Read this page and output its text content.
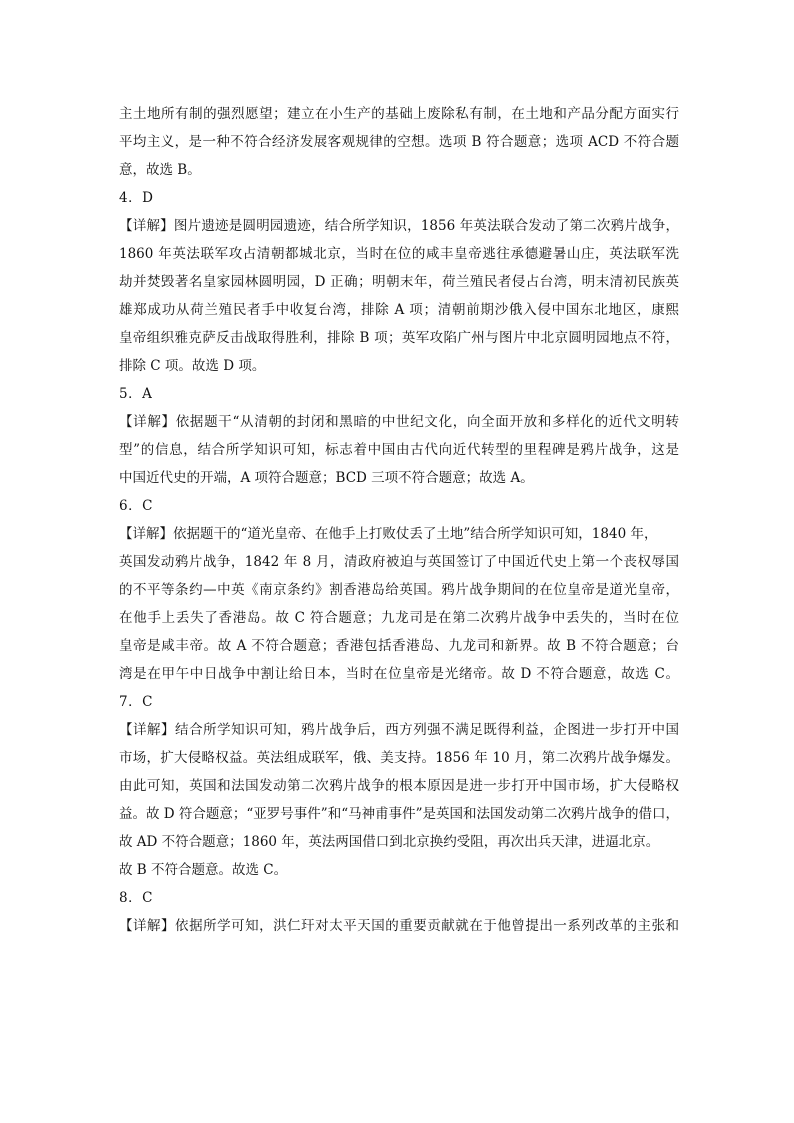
主土地所有制的强烈愿望；建立在小生产的基础上废除私有制，在土地和产品分配方面实行
平均主义，是一种不符合经济发展客观规律的空想。选项 B 符合题意；选项 ACD 不符合题
意，故选 B。
4．D
【详解】图片遗迹是圆明园遗迹，结合所学知识，1856 年英法联合发动了第二次鸦片战争，
1860 年英法联军攻占清朝都城北京，当时在位的咸丰皇帝逃往承德避暑山庄，英法联军洗
劫并焚毁著名皇家园林圆明园，D 正确；明朝末年，荷兰殖民者侵占台湾，明末清初民族英
雄郑成功从荷兰殖民者手中收复台湾，排除 A 项；清朝前期沙俄入侵中国东北地区，康熙
皇帝组织雅克萨反击战取得胜利，排除 B 项；英军攻陷广州与图片中北京圆明园地点不符，
排除 C 项。故选 D 项。
5．A
【详解】依据题干“从清朝的封闭和黑暗的中世纪文化，向全面开放和多样化的近代文明转
型”的信息，结合所学知识可知，标志着中国由古代向近代转型的里程碑是鸦片战争，这是
中国近代史的开端，A 项符合题意；BCD 三项不符合题意；故选 A。
6．C
【详解】依据题干的“道光皇帝、在他手上打败仗丢了土地”结合所学知识可知，1840 年，
英国发动鸦片战争，1842 年 8 月，清政府被迫与英国签订了中国近代史上第一个丧权辱国
的不平等条约—中英《南京条约》割香港岛给英国。鸦片战争期间的在位皇帝是道光皇帝，
在他手上丢失了香港岛。故 C 符合题意；九龙司是在第二次鸦片战争中丢失的，当时在位
皇帝是咸丰帝。故 A 不符合题意；香港包括香港岛、九龙司和新界。故 B 不符合题意；台
湾是在甲午中日战争中割让给日本，当时在位皇帝是光绪帝。故 D 不符合题意，故选 C。
7．C
【详解】结合所学知识可知，鸦片战争后，西方列强不满足既得利益，企图进一步打开中国
市场，扩大侵略权益。英法组成联军，俄、美支持。1856 年 10 月，第二次鸦片战争爆发。
由此可知，英国和法国发动第二次鸦片战争的根本原因是进一步打开中国市场，扩大侵略权
益。故 D 符合题意；“亚罗号事件”和“马神甫事件”是英国和法国发动第二次鸦片战争的借口，
故 AD 不符合题意；1860 年，英法两国借口到北京换约受阻，再次出兵天津，进逼北京。
故 B 不符合题意。故选 C。
8．C
【详解】依据所学可知，洪仁玕对太平天国的重要贡献就在于他曾提出一系列改革的主张和
